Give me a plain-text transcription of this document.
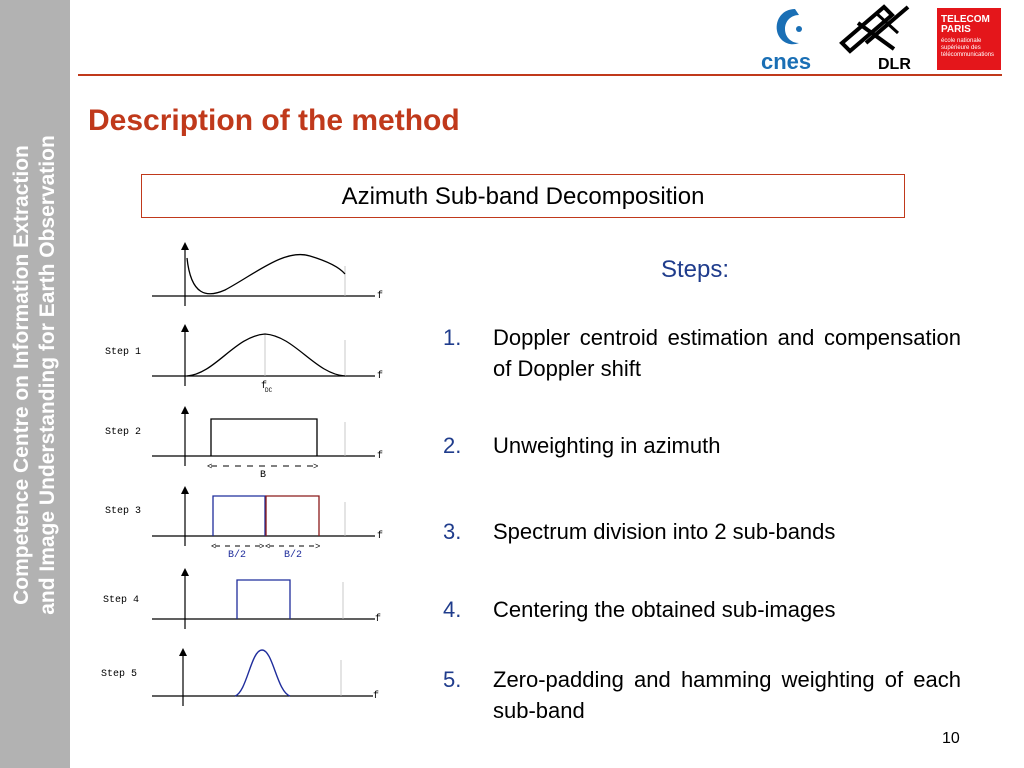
Competence Centre on Information Extraction and Image Understanding for Earth Observation
cnes	DLR
TELECOM
PARIS
école nationale supérieure des télécommunications
Description of the method
Azimuth Sub-band Decomposition
f
Step 1
f
f
DC
Step 2
f
<	>
B
Step 3
f
<	> <	>
B/2	B/2
Step 4
f
Step 5
f
Steps:
1. Doppler centroid estimation and compensation of Doppler shift
2. Unweighting in azimuth
3. Spectrum division into 2 sub-bands
4. Centering the obtained sub-images
5. Zero-padding and hamming weighting of each sub-band
10
